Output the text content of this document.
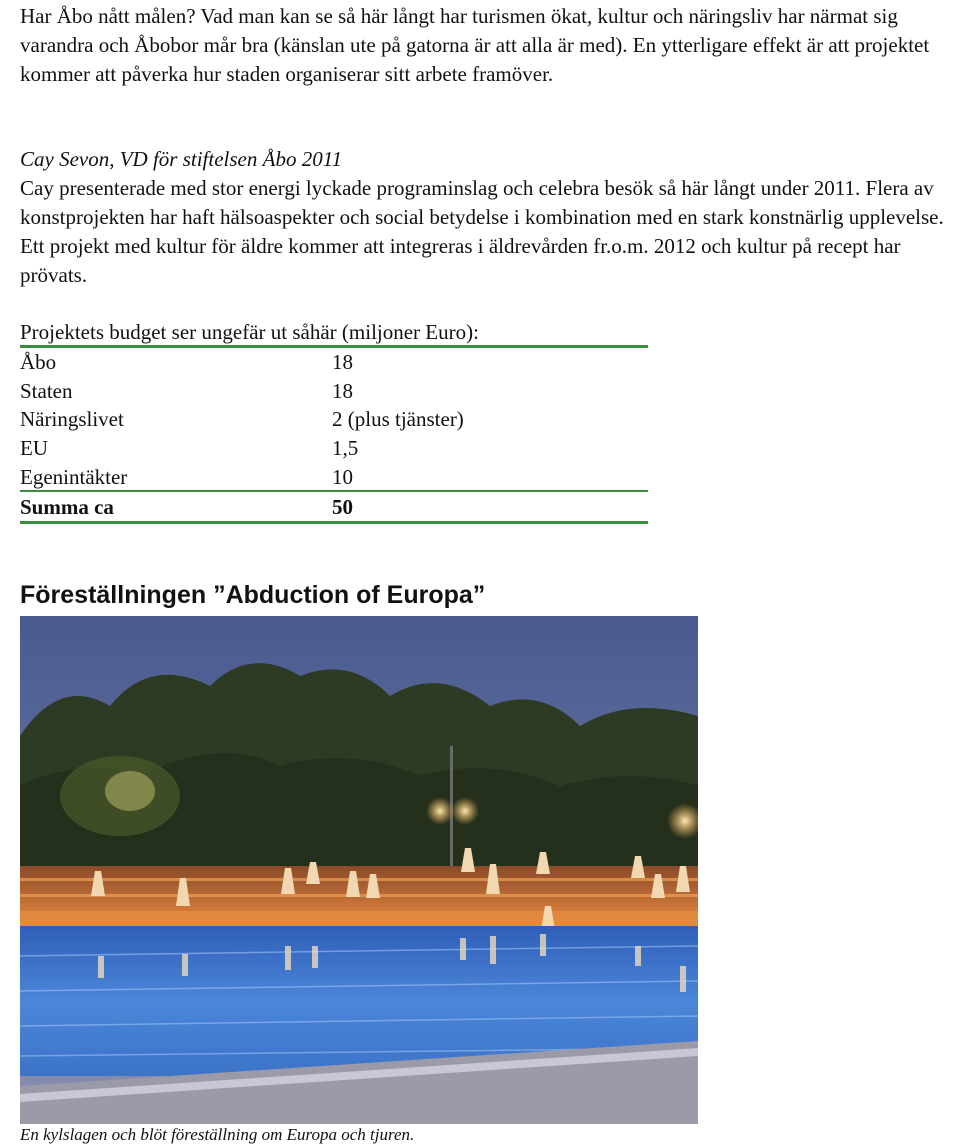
Har Åbo nått målen? Vad man kan se så här långt har turismen ökat, kultur och näringsliv har närmat sig varandra och Åbobor mår bra (känslan ute på gatorna är att alla är med). En ytterligare effekt är att projektet kommer att påverka hur staden organiserar sitt arbete framöver.

Cay Sevon, VD för stiftelsen Åbo 2011

Cay presenterade med stor energi lyckade programinslag och celebra besök så här långt under 2011. Flera av konstprojekten har haft hälsoaspekter och social betydelse i kombination med en stark konstnärlig upplevelse. Ett projekt med kultur för äldre kommer att integreras i äldrevården fr.o.m. 2012 och kultur på recept har prövats.

Projektets budget ser ungefär ut såhär (miljoner Euro):

Åbo	18
Staten	18
Näringslivet	2 (plus tjänster)
EU	1,5
Egenintäkter	10
Summa ca	50
Föreställningen ”Abduction of Europa”

En kylslagen och blöt föreställning om Europa och tjuren.
